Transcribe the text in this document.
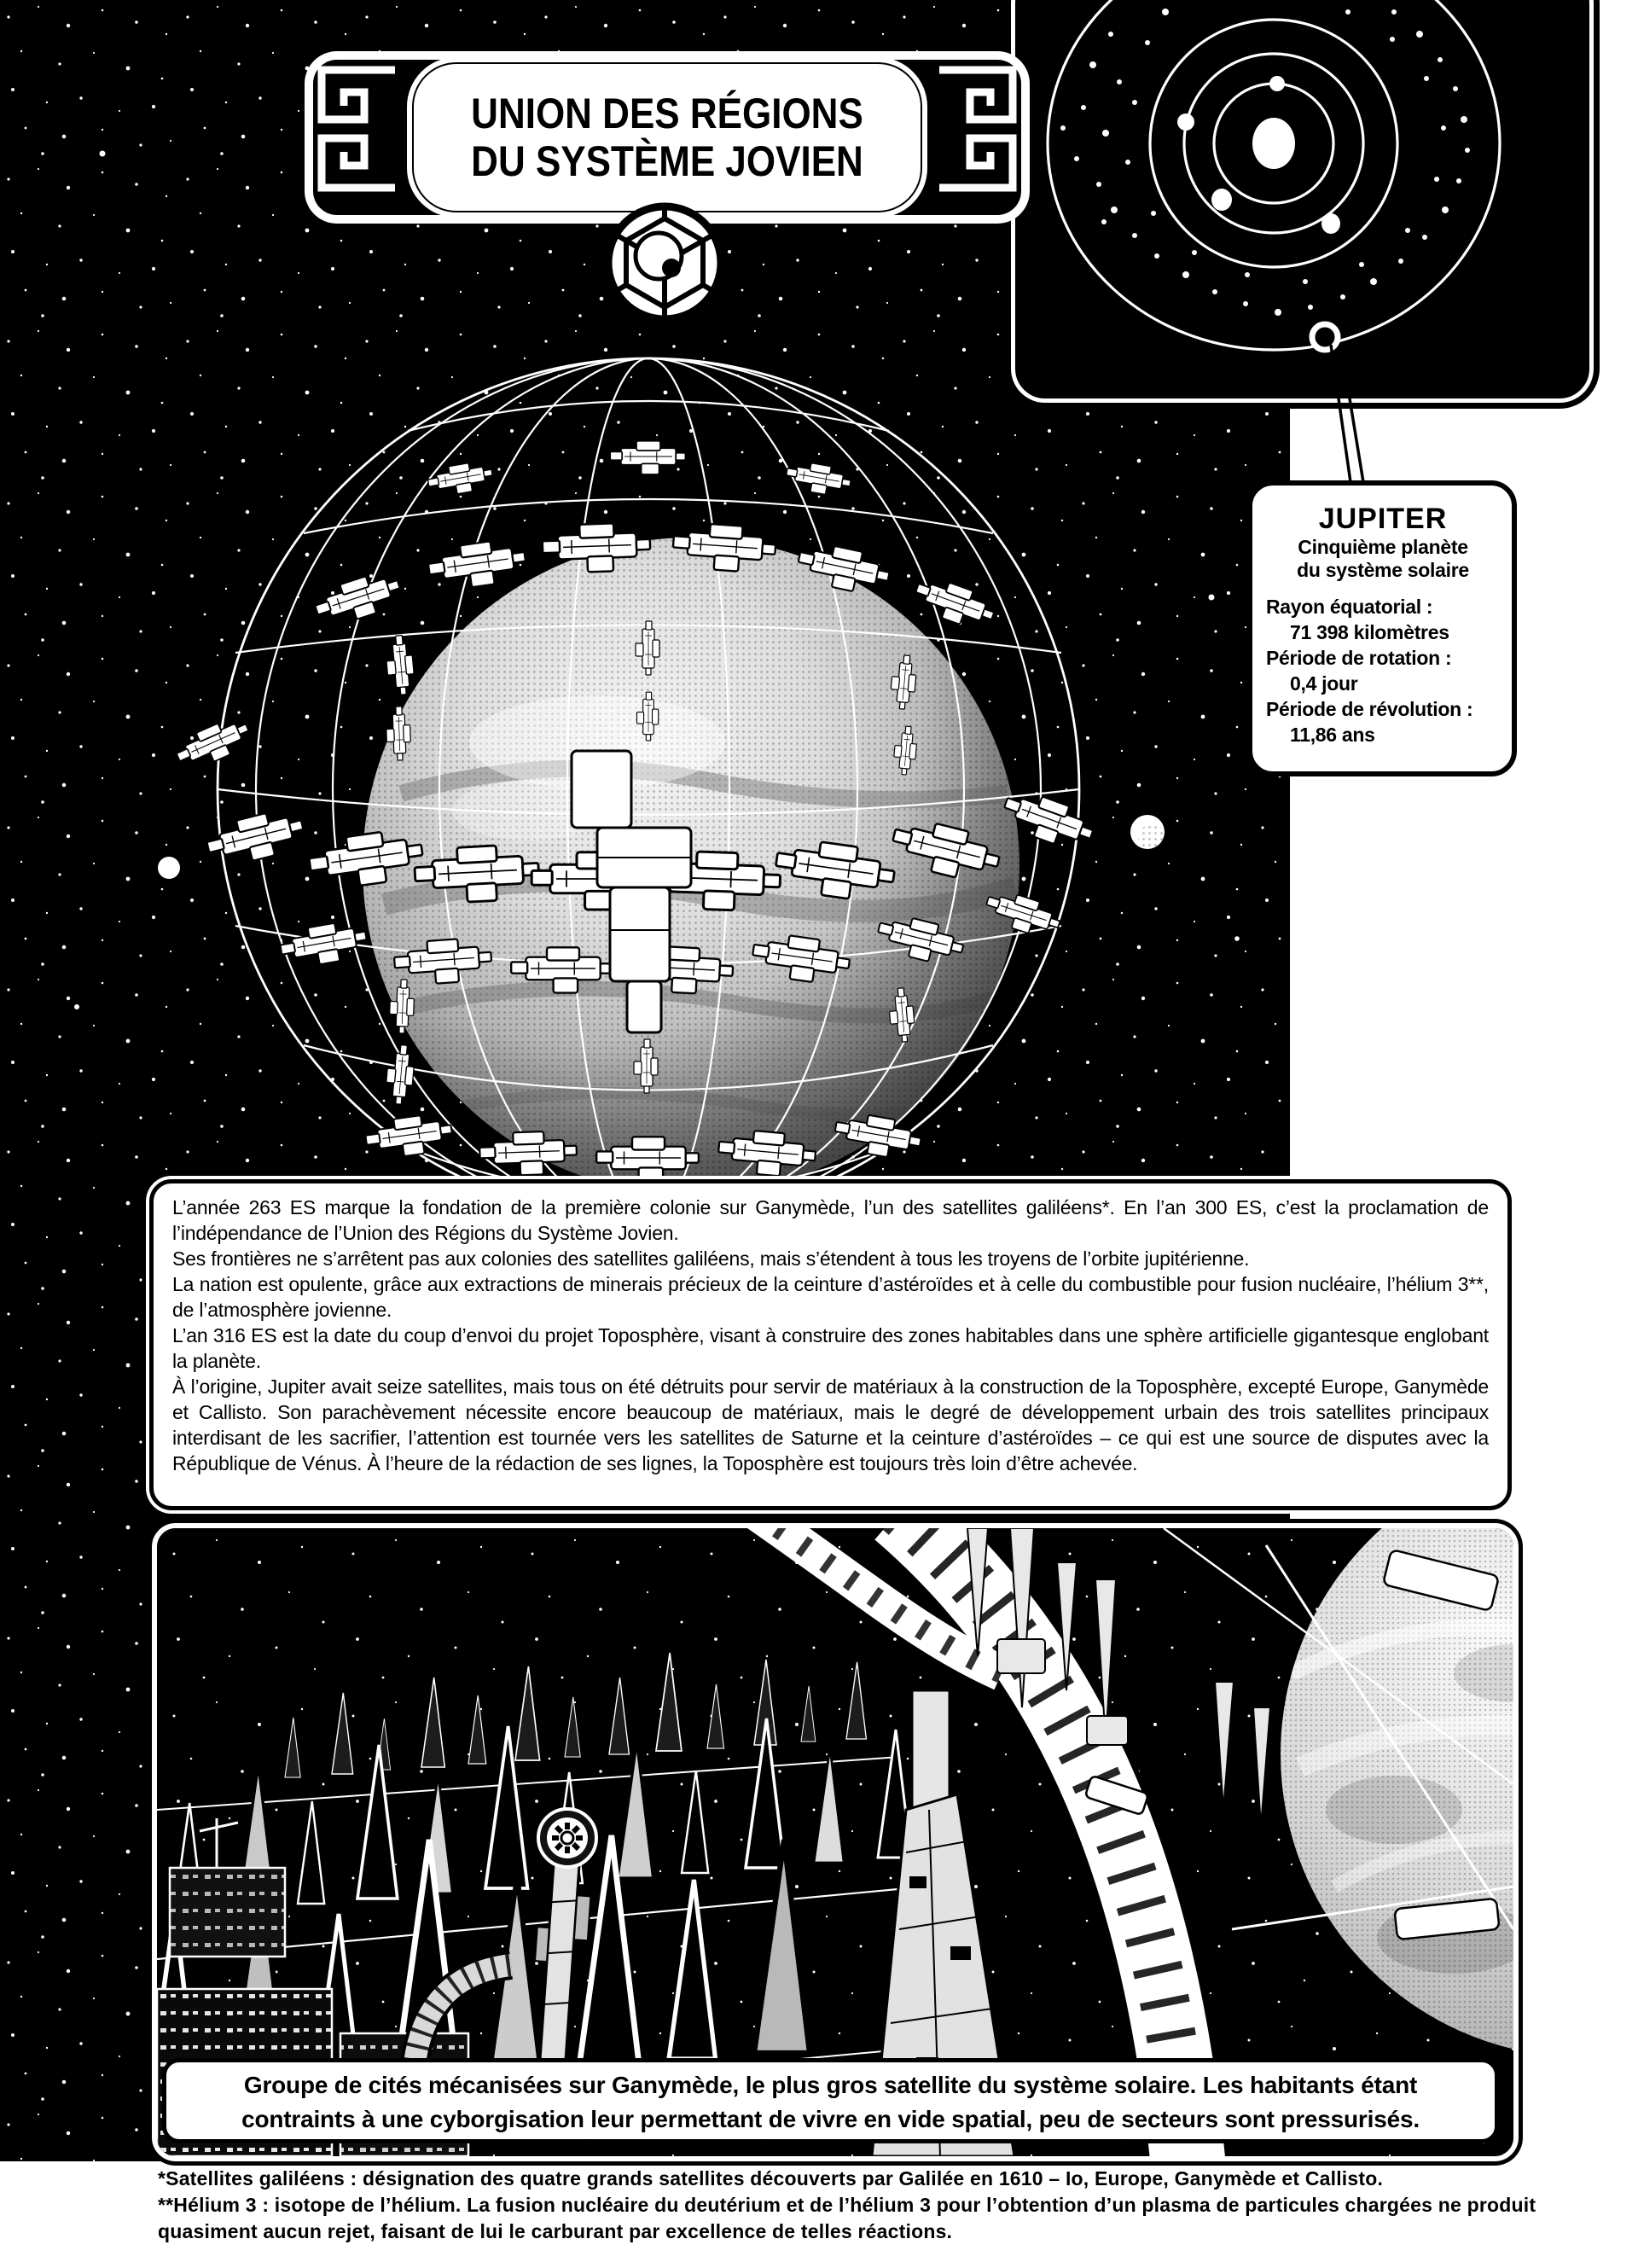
UNION DES RÉGIONS
DU SYSTÈME JOVIEN
JUPITER
Cinquième planète
du système solaire
Rayon équatorial :
71 398 kilomètres
Période de rotation :
0,4 jour
Période de révolution :
11,86 ans

L’année 263 ES marque la fondation de la première colonie sur Ganymède, l’un des satellites galiléens*. En l’an 300 ES, c’est la proclamation de l’indépendance de l’Union des Régions du Système Jovien.

Ses frontières ne s’arrêtent pas aux colonies des satellites galiléens, mais s’étendent à tous les troyens de l’orbite jupitérienne.

La nation est opulente, grâce aux extractions de minerais précieux de la ceinture d’astéroïdes et à celle du combustible pour fusion nucléaire, l’hélium 3**, de l’atmosphère jovienne.

L’an 316 ES est la date du coup d’envoi du projet Toposphère, visant à construire des zones habitables dans une sphère artificielle gigantesque englobant la planète.

À l’origine, Jupiter avait seize satellites, mais tous on été détruits pour servir de matériaux à la construction de la Toposphère, excepté Europe, Ganymède et Callisto. Son parachèvement nécessite encore beaucoup de matériaux, mais le degré de développement urbain des trois satellites principaux interdisant de les sacrifier, l’attention est tournée vers les satellites de Saturne et la ceinture d’astéroïdes – ce qui est une source de disputes avec la République de Vénus. À l’heure de la rédaction de ses lignes, la Toposphère est toujours très loin d’être achevée.

Groupe de cités mécanisées sur Ganymède, le plus gros satellite du système solaire. Les habitants étant contraints à une cyborgisation leur permettant de vivre en vide spatial, peu de secteurs sont pressurisés.

*Satellites galiléens : désignation des quatre grands satellites découverts par Galilée en 1610 – Io, Europe, Ganymède et Callisto.

**Hélium 3 : isotope de l’hélium. La fusion nucléaire du deutérium et de l’hélium 3 pour l’obtention d’un plasma de particules chargées ne produit quasiment aucun rejet, faisant de lui le carburant par excellence de telles réactions.
